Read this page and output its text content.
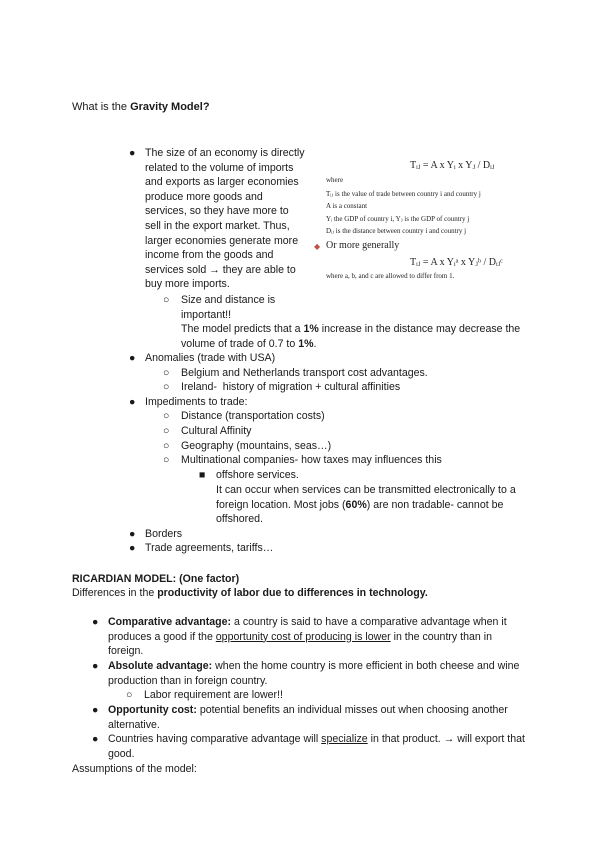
What is the Gravity Model?
● The size of an economy is directly related to the volume of imports and exports as larger economies produce more goods and services, so they have more to sell in the export market. Thus, larger economies generate more income from the goods and services sold → they are able to buy more imports.
Tᵢⱼ = A x Yᵢ x Yⱼ / Dᵢⱼ
where
Tᵢⱼ is the value of trade between country i and country j
A is a constant
Yᵢ the GDP of country i, Yⱼ is the GDP of country j
Dᵢⱼ is the distance between country i and country j
◆ Or more generally
Tᵢⱼ = A x Yᵢᵃ x Yⱼᵇ / Dᵢⱼᶜ
where a, b, and c are allowed to differ from 1.
○ Size and distance is important!!
The model predicts that a 1% increase in the distance may decrease the volume of trade of 0.7 to 1%.
● Anomalies (trade with USA)
○ Belgium and Netherlands transport cost advantages.
○ Ireland-  history of migration + cultural affinities
● Impediments to trade:
○ Distance (transportation costs)
○ Cultural Affinity
○ Geography (mountains, seas…)
○ Multinational companies- how taxes may influences this
■ offshore services.
It can occur when services can be transmitted electronically to a foreign location. Most jobs (60%) are non tradable- cannot be offshored.
● Borders
● Trade agreements, tariffs…
RICARDIAN MODEL: (One factor)
Differences in the productivity of labor due to differences in technology.
● Comparative advantage: a country is said to have a comparative advantage when it produces a good if the opportunity cost of producing is lower in the country than in foreign.
● Absolute advantage: when the home country is more efficient in both cheese and wine production than in foreign country.
○ Labor requirement are lower!!
● Opportunity cost: potential benefits an individual misses out when choosing another alternative.
● Countries having comparative advantage will specialize in that product. → will export that good.
Assumptions of the model:
